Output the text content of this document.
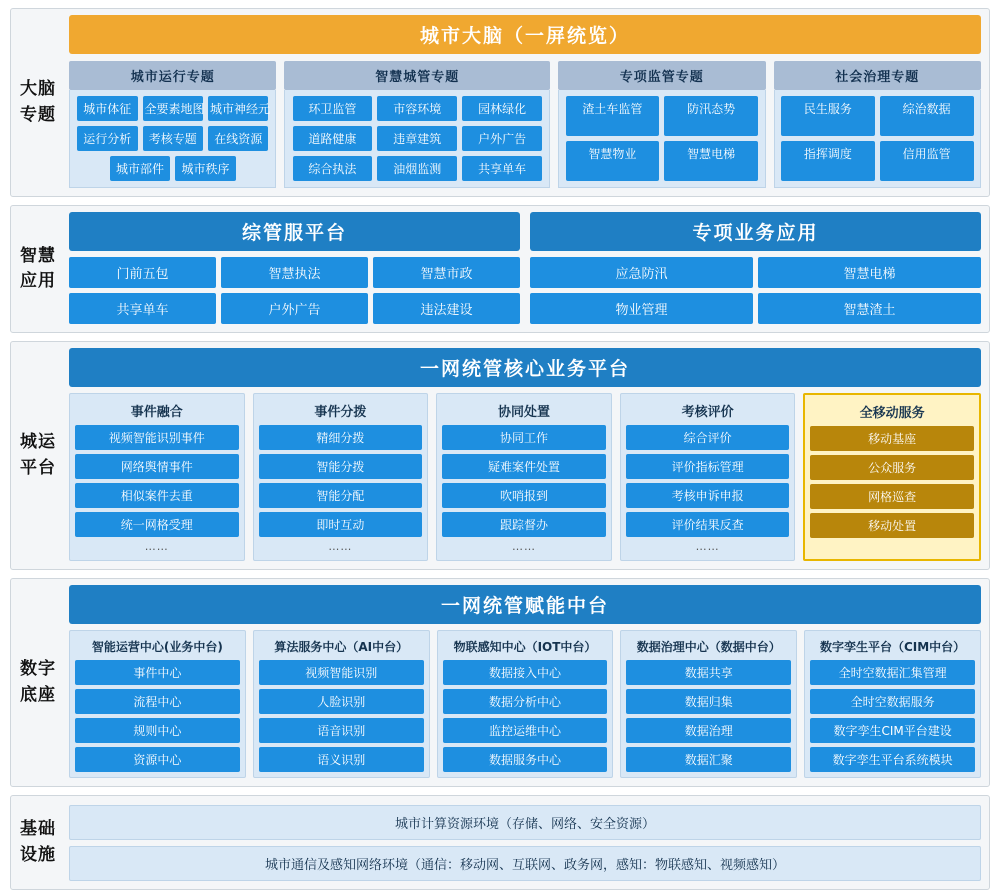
大脑
专题
城市大脑（一屏统览）
城市运行专题
城市体征	全要素地图 城市神经元
运行分析	考核专题	在线资源
城市部件	城市秩序
智慧城管专题
环卫监管	市容环境	园林绿化
道路健康	违章建筑	户外广告
综合执法	油烟监测	共享单车
专项监管专题
渣土车监管	防汛态势
智慧物业	智慧电梯
社会治理专题
民生服务	综治数据
指挥调度	信用监管
智慧
应用
综管服平台	专项业务应用
门前五包	智慧执法	智慧市政
共享单车	户外广告	违法建设
应急防汛	智慧电梯
物业管理	智慧渣土
城运
平台
一网统管核心业务平台
事件融合
视频智能识别事件
网络舆情事件
相似案件去重
统一网格受理
……
事件分拨
精细分拨
智能分拨
智能分配
即时互动
……
协同处置
协同工作
疑难案件处置
吹哨报到
跟踪督办
……
考核评价
综合评价
评价指标管理
考核申诉申报
评价结果反查
……
全移动服务
移动基座
公众服务
网格巡查
移动处置

数字
底座
一网统管赋能中台
智能运营中心(业务中台)
事件中心
流程中心
规则中心
资源中心
算法服务中心（AI中台）
视频智能识别
人脸识别
语音识别
语义识别
物联感知中心（IOT中台）
数据接入中心
数据分析中心
监控运维中心
数据服务中心
数据治理中心（数据中台）
数据共享
数据归集
数据治理
数据汇聚
数字孪生平台（CIM中台）
全时空数据汇集管理
全时空数据服务
数字孪生CIM平台建设
数字孪生平台系统模块
基础
设施
城市计算资源环境（存储、网络、安全资源）
城市通信及感知网络环境（通信：移动网、互联网、政务网，感知：物联感知、视频感知）
